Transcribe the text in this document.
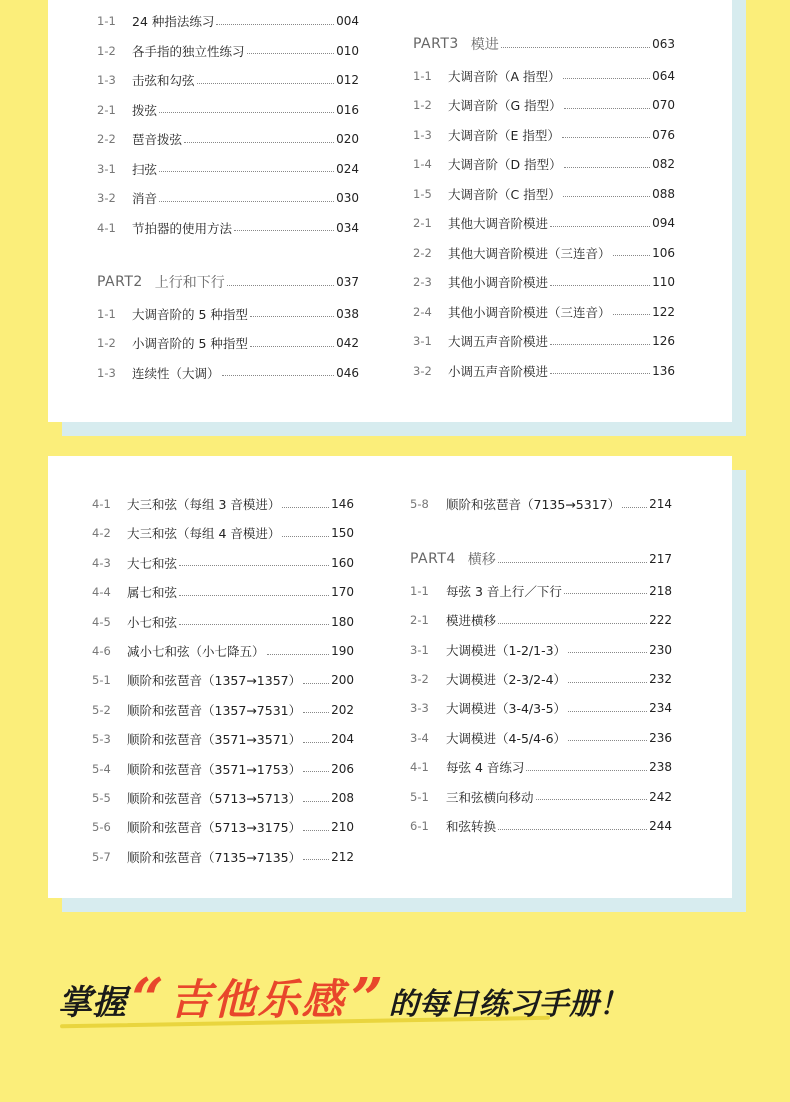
1-1	24 种指法练习	004
1-2	各手指的独立性练习	010
1-3	击弦和勾弦	012
2-1	拨弦	016
2-2	琶音拨弦	020
3-1	扫弦	024
3-2	消音	030
4-1	节拍器的使用方法	034
PART2 上行和下行	037
1-1	大调音阶的 5 种指型	038
1-2	小调音阶的 5 种指型	042
1-3	连续性（大调）	046
PART3 模进	063
1-1	大调音阶（A 指型）	064
1-2	大调音阶（G 指型）	070
1-3	大调音阶（E 指型）	076
1-4	大调音阶（D 指型）	082
1-5	大调音阶（C 指型）	088
2-1	其他大调音阶模进	094
2-2	其他大调音阶模进（三连音）	106
2-3	其他小调音阶模进	110
2-4	其他小调音阶模进（三连音）	122
3-1	大调五声音阶模进	126
3-2	小调五声音阶模进	136
4-1	大三和弦（每组 3 音模进）	146
4-2	大三和弦（每组 4 音模进）	150
4-3	大七和弦	160
4-4	属七和弦	170
4-5	小七和弦	180
4-6	减小七和弦（小七降五）	190
5-1	顺阶和弦琶音（1357→1357） 200
5-2	顺阶和弦琶音（1357→7531） 202
5-3	顺阶和弦琶音（3571→3571） 204
5-4	顺阶和弦琶音（3571→1753） 206
5-5	顺阶和弦琶音（5713→5713） 208
5-6	顺阶和弦琶音（5713→3175） 210
5-7	顺阶和弦琶音（7135→7135） 212
5-8	顺阶和弦琶音（7135→5317） 214
PART4 横移	217
1-1	每弦 3 音上行／下行	218
2-1	模进横移	222
3-1	大调模进（1-2/1-3）	230
3-2	大调模进（2-3/2-4）	232
3-3	大调模进（3-4/3-5）	234
3-4	大调模进（4-5/4-6）	236
4-1	每弦 4 音练习	238
5-1	三和弦横向移动	242
6-1	和弦转换	244
掌握 “ 吉他乐感 ” 的每日练习手册！
